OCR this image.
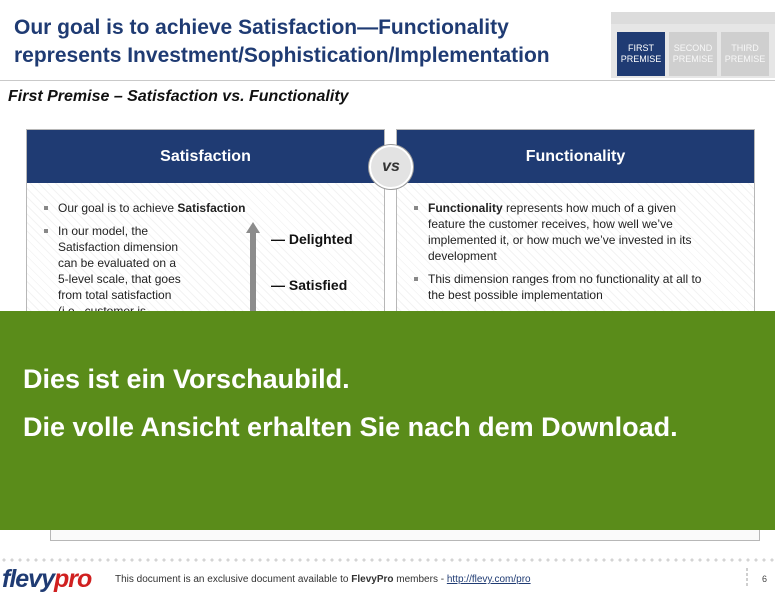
Our goal is to achieve Satisfaction—Functionality
represents Investment/Sophistication/Implementation	FIRST
PREMISE
SECOND
PREMISE
THIRD
PREMISE
First Premise – Satisfaction vs. Functionality
Satisfaction	Functionality
vs
Our goal is to achieve Satisfaction
In our model, the
Satisfaction dimension
can be evaluated on a
5-level scale, that goes
from total satisfaction
— Delighted
— Satisfied
Functionality represents how much of a given
feature the customer receives, how well we’ve
implemented it, or how much we’ve invested in its
development
This dimension ranges from no functionality at all to
the best possible implementation
Dies ist ein Vorschaubild.
Die volle Ansicht erhalten Sie nach dem Download.
flevypro This document is an exclusive document available to FlevyPro members - http://flevy.com/pro	6
